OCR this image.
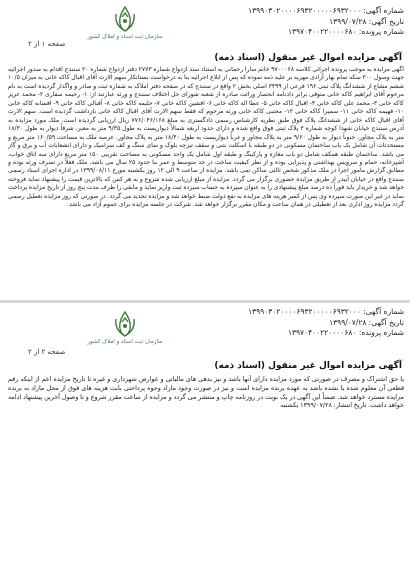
سازمان ثبت اسناد و املاک کشور
شماره آگهی: ۱۳۹۹۰۳۰۲۰۰۰۰۶۹۳۲۰۰۰۰۰۶۹۳۲۰۰۰
تاریخ آگهی: ۱۳۹۹/۰۷/۲۸
شماره پرونده: ۱۳۹۷۰۴۰۰۲۲۰۰۰۰۶۸۰
صفحه ۱ از ۲
آگهی مزایده اموال غیر منقول (اسناد ذمه)

آگهی مزایده به موجب پرونده اجرائی کلاسه ۹۷۰۰۰۶۸ خانم سارا رحمانی به استناد سند ازدواج شماره ۲۷۷۳ دفتر ازدواج شماره ۲۰ سنندج اقدام به صدور اجرائیه جهت وصول ۳۰۰ سکه تمام بهار آزادی مهریه بر علیه ذمه نموده که پس از ابلاغ اجرائیه بنا به درخواست بستانکار سهم الارث آقای اقبال کاکه خانی به میزان ۱۰/۵ ششم مشاع از ششدانگ پلاک ثبتی ۱۹۶ فرعی از ۳۴۹۹ اصلی بخش ۲ واقع در سنندج که در صفحه دفتر املاک به شماره ثبت و صادر و واگذار گردیده است به نام مرحوم آقای ابراهیم کاکه خانی متوفی برابر دادنامه انحصار وراثت صادره از شعبه شورای حل اختلاف سنندج و ورثه عبارتند از: ۱- رحیمه صفاری ۲- محمد عزیز کاکه خانی ۳- محمد علی کاکه خانی ۴- اقبال کاکه خانی ۵- عطا اله کاکه خانی ۶- افشین کاکه خانی ۷- حلیمه کاکه خانی ۸- آقبالی کاکه خانی ۹- افسانه کاکه خانی ۱۰- فهیمه کاکه خانی ۱۱- سمیرا کاکه خانی ۱۲- مجتبی کاکه خانی ورثه مرحوم که فقط سهم الارث آقای اقبال کاکه خانی بازداشت گردیده است. سهم الارث آقای اقبال کاکه خانی از ششدانگ پلاک فوق طبق نظریه کارشناس رسمی دادگستری به مبلغ ۷۷۶/۰۴۶/۱۶۸ ریال ارزیابی گردیده است. ملک مورد مزایده به آدرس سنندج خیابان شهدا کوچه شماره ۳ پلاک ثبتی فوق واقع شده و دارای حدود اربعه شمالاً دیواریست به طول ۹/۳۵ متر به معبر، شرقاً دیوار به طول ۱۸/۳۰ متر به پلاک مجاور، جنوباً دیوار به طول ۹/۶۰ متر به پلاک مجاور و غرباً دیواریست به طول ۱۸/۴۰ متر به پلاک مجاور. عرصه ملک به مساحت ۱۶۰/۵۹ متر مربع و مستحدثات آن شامل یک باب ساختمان مسکونی در دو طبقه با اسکلت بتنی و سقف تیرچه بلوک و نمای سنگ و کف سرامیک و دارای انشعابات آب و برق و گاز می باشد. ساختمان طبقه همکف شامل دو باب مغازه و پارکینگ و طبقه اول شامل یک واحد مسکونی به مساحت تقریبی ۱۵۰ متر مربع دارای سه اتاق خواب، آشپزخانه، حمام و سرویس بهداشتی و پذیرایی بوده و از نظر کیفیت ساخت در حد متوسط و عمر بنا حدود ۲۵ سال می باشد. ملک فعلاً در تصرف ورثه بوده و مطابق گزارش مامور اجرا در ملک مذکور شخص ثالثی ساکن نمی باشد. مزایده از ساعت ۹ الی ۱۲ روز یکشنبه مورخ ۱۳۹۹/۰۸/۱۱ در اداره اجرای اسناد رسمی سنندج واقع در خیابان آبیدر از طریق مزایده حضوری برگزار می گردد. مزایده از مبلغ ارزیابی شده شروع و به هر کس که بالاترین قیمت را پیشنهاد نماید فروخته خواهد شد و خریدار باید فوراً ده درصد مبلغ پیشنهادی را به عنوان سپرده به حساب سپرده ثبت واریز نماید و مابقی را ظرف مدت پنج روز از تاریخ مزایده پرداخت نماید در غیر این صورت سپرده وی پس از کسر هزینه های مزایده به نفع دولت ضبط خواهد شد و مزایده تجدید می گردد. در صورتی که روز مزایده تعطیل رسمی گردد مزایده روز اداری بعد از تعطیلی در همان ساعت و مکان مقرر برگزار خواهد شد. شرکت در جلسه مزایده برای عموم آزاد می باشد.

سازمان ثبت اسناد و املاک کشور
شماره آگهی: ۱۳۹۹۰۳۰۲۰۰۰۰۶۹۳۲۰۰۰۰۰۶۹۳۲۰۰۰
تاریخ آگهی: ۱۳۹۹/۰۷/۲۸
شماره پرونده: ۱۳۹۷۰۴۰۰۲۲۰۰۰۰۶۸۰
صفحه ۲ از ۲
آگهی مزایده اموال غیر منقول (اسناد ذمه)

یا حق اشتراک و مصرف در صورتی که مورد مزایده دارای آنها باشد و نیز بدهی های مالیاتی و عوارض شهرداری و غیره تا تاریخ مزایده اعم از اینکه رقم قطعی آن معلوم شده یا نشده باشد به عهده برنده مزایده است و نیز در صورت وجود مازاد وجوه پرداختی بابت هزینه های فوق از محل مازاد به برنده مزایده مسترد خواهد شد. ضمناً این آگهی در یک نوبت در روزنامه چاپ و منتشر می گردد و مزایده از ساعت مقرر شروع و تا وصول آخرین پیشنهاد ادامه خواهد داشت. تاریخ انتشار: ۱۳۹۹/۰۷/۲۸ یکشنبه
